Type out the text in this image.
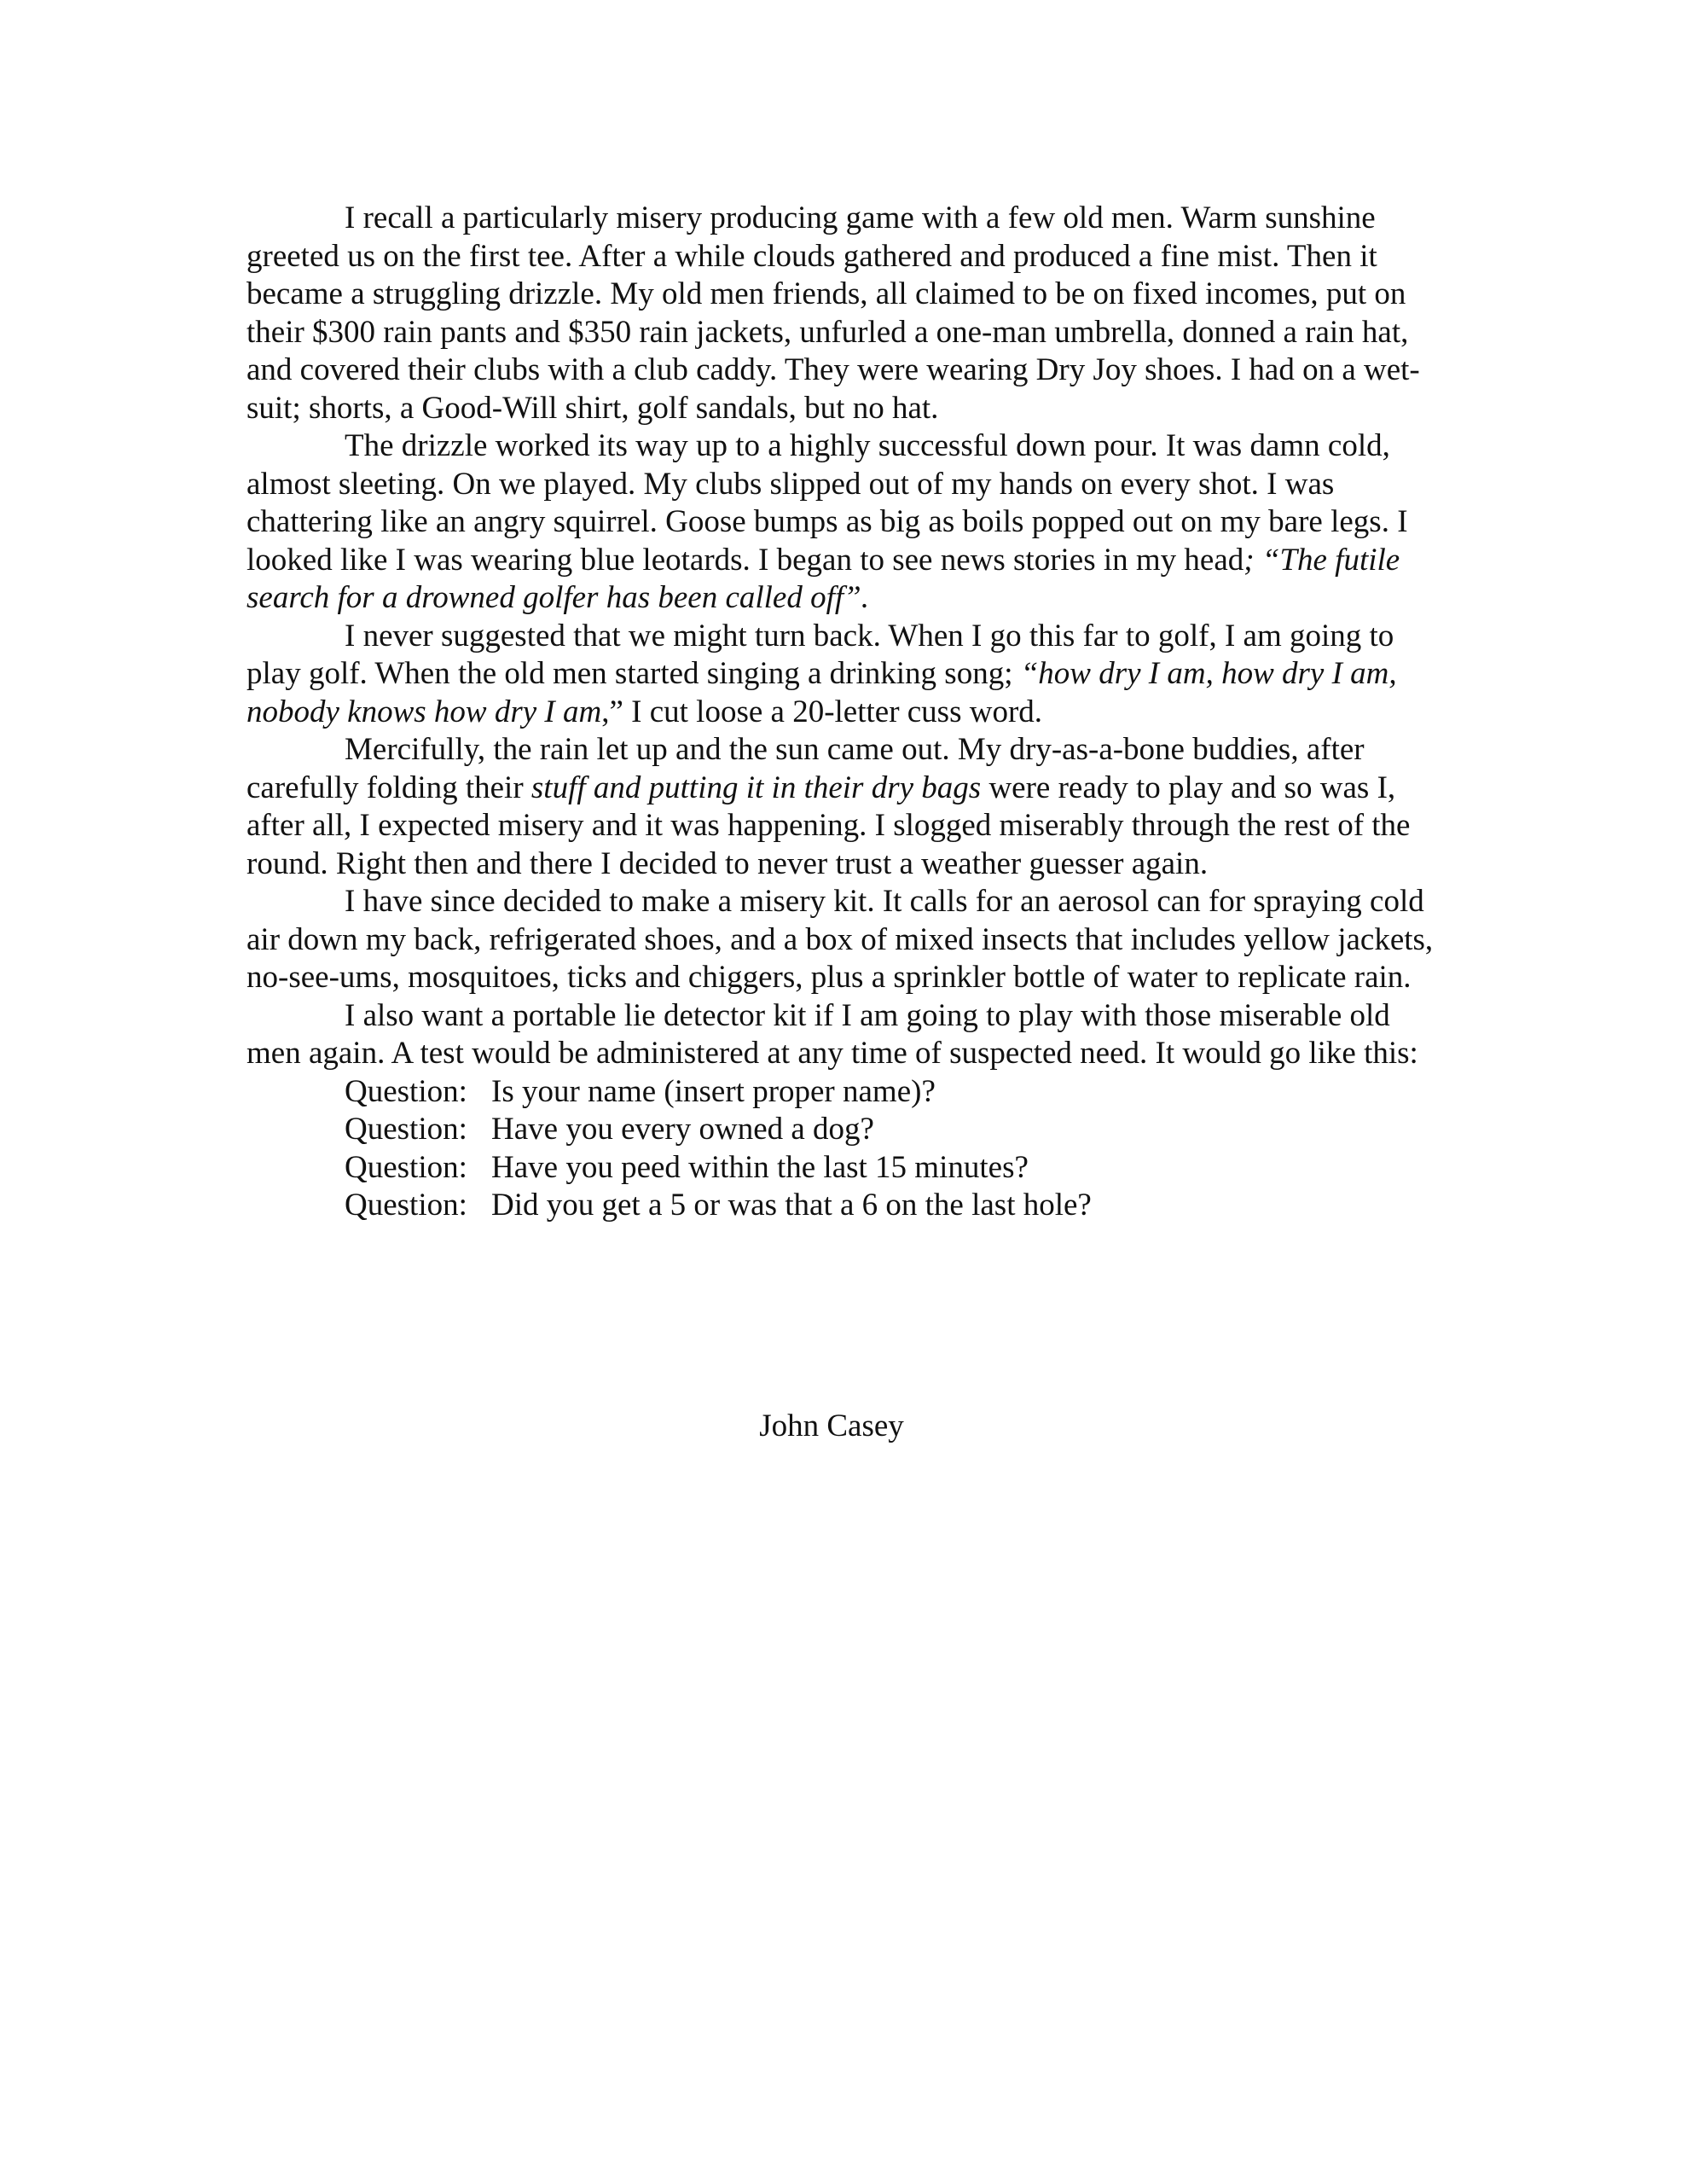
I recall a particularly misery producing game with a few old men. Warm sunshine greeted us on the first tee. After a while clouds gathered and produced a fine mist. Then it became a struggling drizzle. My old men friends, all claimed to be on fixed incomes, put on their $300 rain pants and $350 rain jackets, unfurled a one-man umbrella, donned a rain hat, and covered their clubs with a club caddy. They were wearing Dry Joy shoes. I had on a wet-suit; shorts, a Good-Will shirt, golf sandals, but no hat.

The drizzle worked its way up to a highly successful down pour. It was damn cold, almost sleeting. On we played. My clubs slipped out of my hands on every shot. I was chattering like an angry squirrel. Goose bumps as big as boils popped out on my bare legs. I looked like I was wearing blue leotards. I began to see news stories in my head; “The futile search for a drowned golfer has been called off”.

I never suggested that we might turn back. When I go this far to golf, I am going to play golf. When the old men started singing a drinking song; “how dry I am, how dry I am, nobody knows how dry I am,” I cut loose a 20-letter cuss word.

Mercifully, the rain let up and the sun came out. My dry-as-a-bone buddies, after carefully folding their stuff and putting it in their dry bags were ready to play and so was I, after all, I expected misery and it was happening. I slogged miserably through the rest of the round. Right then and there I decided to never trust a weather guesser again.

I have since decided to make a misery kit. It calls for an aerosol can for spraying cold air down my back, refrigerated shoes, and a box of mixed insects that includes yellow jackets, no-see-ums, mosquitoes, ticks and chiggers, plus a sprinkler bottle of water to replicate rain.

I also want a portable lie detector kit if I am going to play with those miserable old men again. A test would be administered at any time of suspected need. It would go like this:

Question: Is your name (insert proper name)?

Question: Have you every owned a dog?

Question: Have you peed within the last 15 minutes?

Question: Did you get a 5 or was that a 6 on the last hole?

John Casey
